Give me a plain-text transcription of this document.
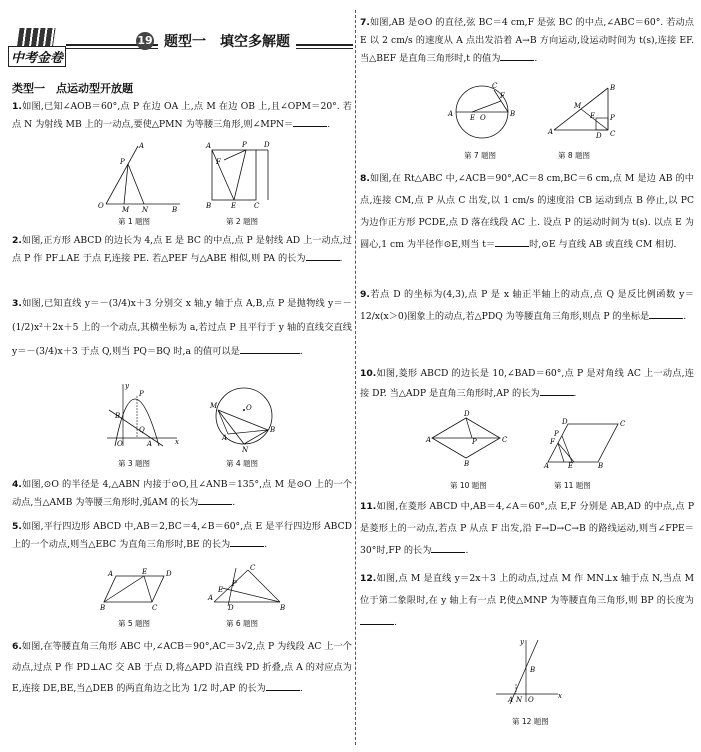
中考金卷
19 题型一　填空多解题
类型一　点运动型开放题
1.如图,已知∠AOB＝60°,点 P 在边 OA 上,点 M 在边 OB 上,且∠OPM＝20°. 若点 N 为射线 MB 上的一动点,要使△PMN 为等腰三角形,则∠MPN＝	.
O
A
P
M N	B
第 1 题图
A	P D
F
B	E	C
第 2 题图
2.如图,正方形 ABCD 的边长为 4,点 E 是 BC 的中点,点 P 是射线 AD 上一动点,过点 P 作 PF⊥AE 于点 F,连接 PE. 若△PEF 与△ABE 相似,则 PA 的长为	.
3.如图,已知直线 y＝－(3/4)x＋3 分别交 x 轴,y 轴于点 A,B,点 P 是抛物线 y＝－(1/2)x²＋2x＋5 上的一个动点,其横坐标为 a,若过点 P 且平行于 y 轴的直线交直线 y＝－(3/4)x＋3 于点 Q,则当 PQ＝BQ 时,a 的值可以是	.
y
x
P
B
Q
O	A
第 3 题图
M	O
B
A
N
第 4 题图
4.如图,⊙O 的半径是 4,△ABN 内接于⊙O,且∠ANB＝135°,点 M 是⊙O 上的一个动点,当△AMB 为等腰三角形时,弧AM 的长为	.
5.如图,平行四边形 ABCD 中,AB＝2,BC＝4,∠B＝60°,点 E 是平行四边形 ABCD 上的一个动点,则当△EBC 为直角三角形时,BE 的长为	.
A	E	D
B	C
第 5 题图
C
A
B
P
E
D
第 6 题图
6.如图,在等腰直角三角形 ABC 中,∠ACB＝90°,AC＝3√2,点 P 为线段 AC 上一个动点,过点 P 作 PD⊥AC 交 AB 于点 D,将△APD 沿直线 PD 折叠,点 A 的对应点为 E,连接 DE,BE,当△DEB 的两直角边之比为 1/2 时,AP 的长为	.
7.如图,AB 是⊙O 的直径,弦 BC＝4 cm,F 是弦 BC 的中点,∠ABC＝60°. 若动点 E 以 2 cm/s 的速度从 A 点出发沿着 A→B 方向运动,设运动时间为 t(s),连接 EF. 当△BEF 是直角三角形时,t 的值为	.
A	B
C
F
E O
第 7 题图
A
B
C
M
E P
D
第 8 题图
8.如图,在 Rt△ABC 中,∠ACB＝90°,AC＝8 cm,BC＝6 cm,点 M 是边 AB 的中点,连接 CM,点 P 从点 C 出发,以 1 cm/s 的速度沿 CB 运动到点 B 停止,以 PC 为边作正方形 PCDE,点 D 落在线段 AC 上. 设点 P 的运动时间为 t(s). 以点 E 为圆心,1 cm 为半径作⊙E,则当 t＝	时,⊙E 与直线 AB 或直线 CM 相切.
9.若点 D 的坐标为(4,3),点 P 是 x 轴正半轴上的动点,点 Q 是反比例函数 y＝12/x(x＞0)图象上的动点,若△PDQ 为等腰直角三角形,则点 P 的坐标是	.
10.如图,菱形 ABCD 的边长是 10,∠BAD＝60°,点 P 是对角线 AC 上一动点,连接 DP. 当△ADP 是直角三角形时,AP 的长为	.
A
D
C
P
B
第 10 题图
D	C
F
P
A	E	B
第 11 题图
11.如图,在菱形 ABCD 中,AB＝4,∠A＝60°,点 E,F 分别是 AB,AD 的中点,点 P 是菱形上的一动点,若点 P 从点 F 出发,沿 F→D→C→B 的路线运动,则当∠FPE＝30°时,FP 的长为	.
12.如图,点 M 是直线 y＝2x＋3 上的动点,过点 M 作 MN⊥x 轴于点 N,当点 M 位于第二象限时,在 y 轴上有一点 P,使△MNP 为等腰直角三角形,则 BP 的长度为.
y
x
B
A N O
第 12 题图
